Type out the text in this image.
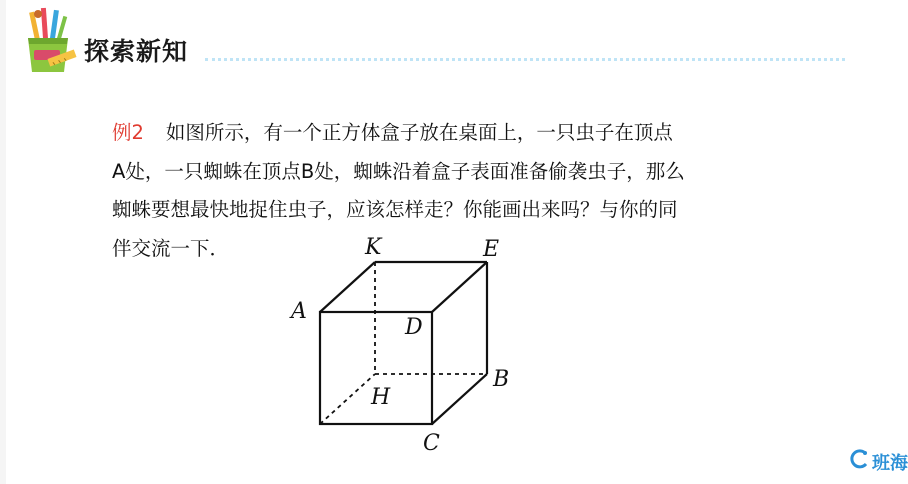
探索新知
例2 如图所示，有一个正方体盒子放在桌面上，一只虫子在顶点
A处，一只蜘蛛在顶点B处，蜘蛛沿着盒子表面准备偷袭虫子，那么
蜘蛛要想最快地捉住虫子，应该怎样走？你能画出来吗？与你的同
伴交流一下．	K	E
A
D
B
H
C
班海
